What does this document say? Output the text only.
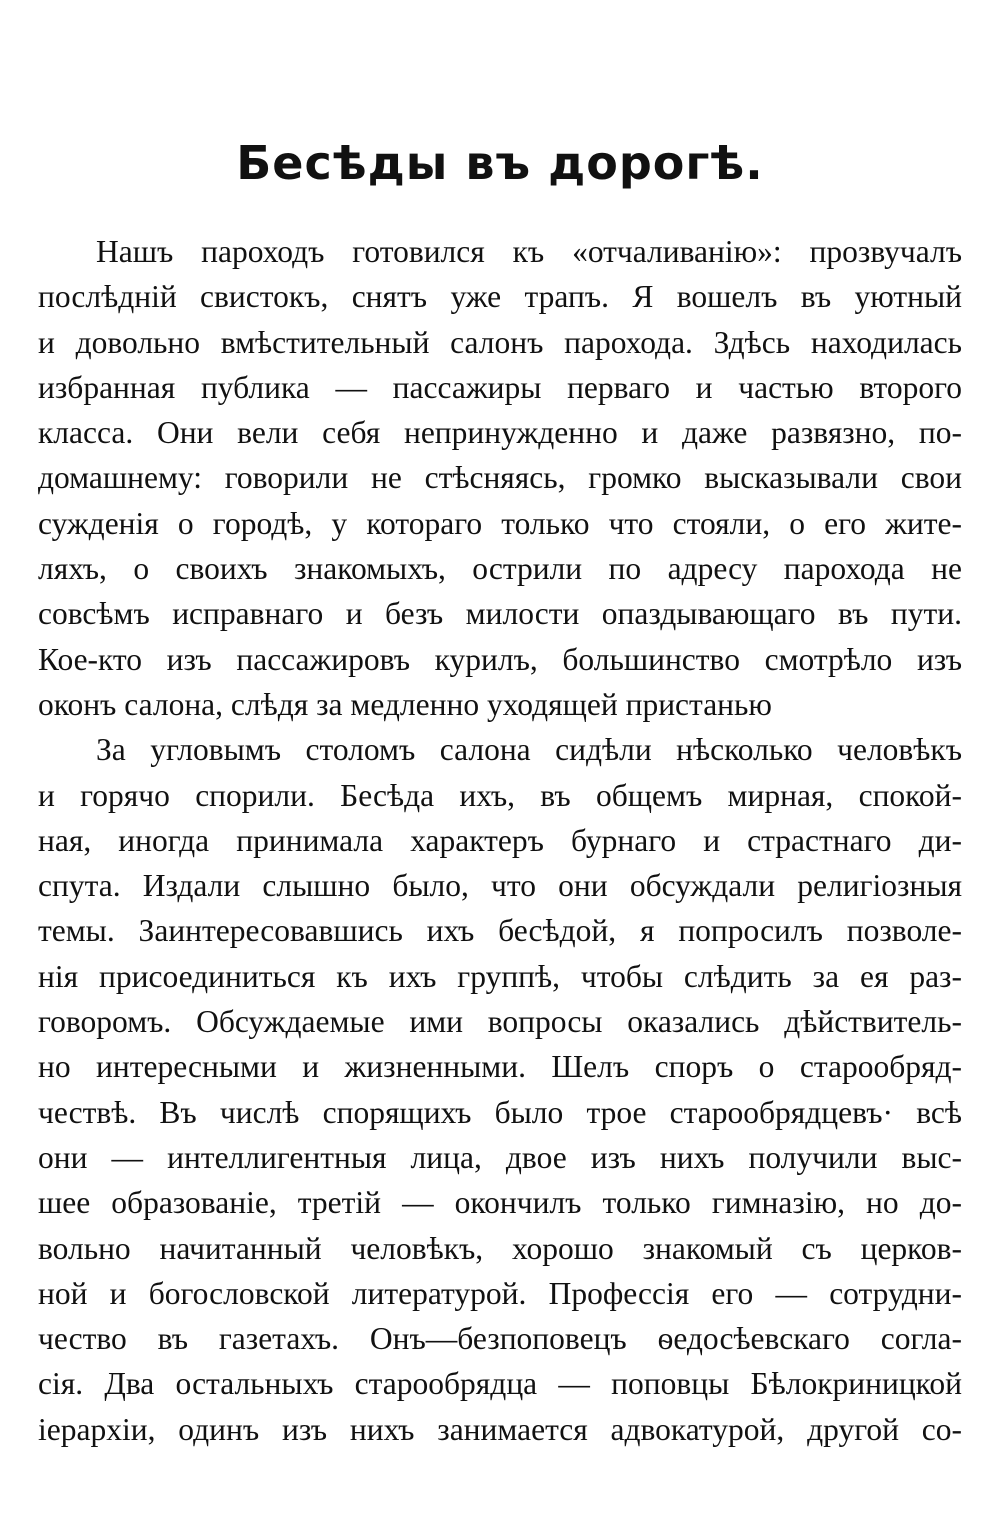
Бесѣды въ дорогѣ.
Нашъ пароходъ готовился къ «отчаливанію»: прозвучалъ
послѣдній свистокъ, снятъ уже трапъ. Я вошелъ въ уютный
и довольно вмѣстительный салонъ парохода. Здѣсь находилась
избранная публика — пассажиры перваго и частью второго
класса. Они вели себя непринужденно и даже развязно, по-
домашнему: говорили не стѣсняясь, громко высказывали свои
сужденія о городѣ, у котораго только что стояли, о его жите-
ляхъ, о своихъ знакомыхъ, острили по адресу парохода не
совсѣмъ исправнаго и безъ милости опаздывающаго въ пути.
Кое-кто изъ пассажировъ курилъ, большинство смотрѣло изъ
оконъ салона, слѣдя за медленно уходящей пристанью
За угловымъ столомъ салона сидѣли нѣсколько человѣкъ
и горячо спорили. Бесѣда ихъ, въ общемъ мирная, спокой-
ная, иногда принимала характеръ бурнаго и страстнаго ди-
спута. Издали слышно было, что они обсуждали религіозныя
темы. Заинтересовавшись ихъ бесѣдой, я попросилъ позволе-
нія присоединиться къ ихъ группѣ, чтобы слѣдить за ея раз-
говоромъ. Обсуждаемые ими вопросы оказались дѣйствитель-
но интересными и жизненными. Шелъ споръ о старообряд-
чествѣ. Въ числѣ спорящихъ было трое старообрядцевъ· всѣ
они — интеллигентныя лица, двое изъ нихъ получили выс-
шее образованіе, третій — окончилъ только гимназію, но до-
вольно начитанный человѣкъ, хорошо знакомый съ церков-
ной и богословской литературой. Профессія его — сотрудни-
чество въ газетахъ. Онъ—безпоповецъ ѳедосѣевскаго согла-
сія. Два остальныхъ старообрядца — поповцы Бѣлокриницкой
іерархіи, одинъ изъ нихъ занимается адвокатурой, другой со-
